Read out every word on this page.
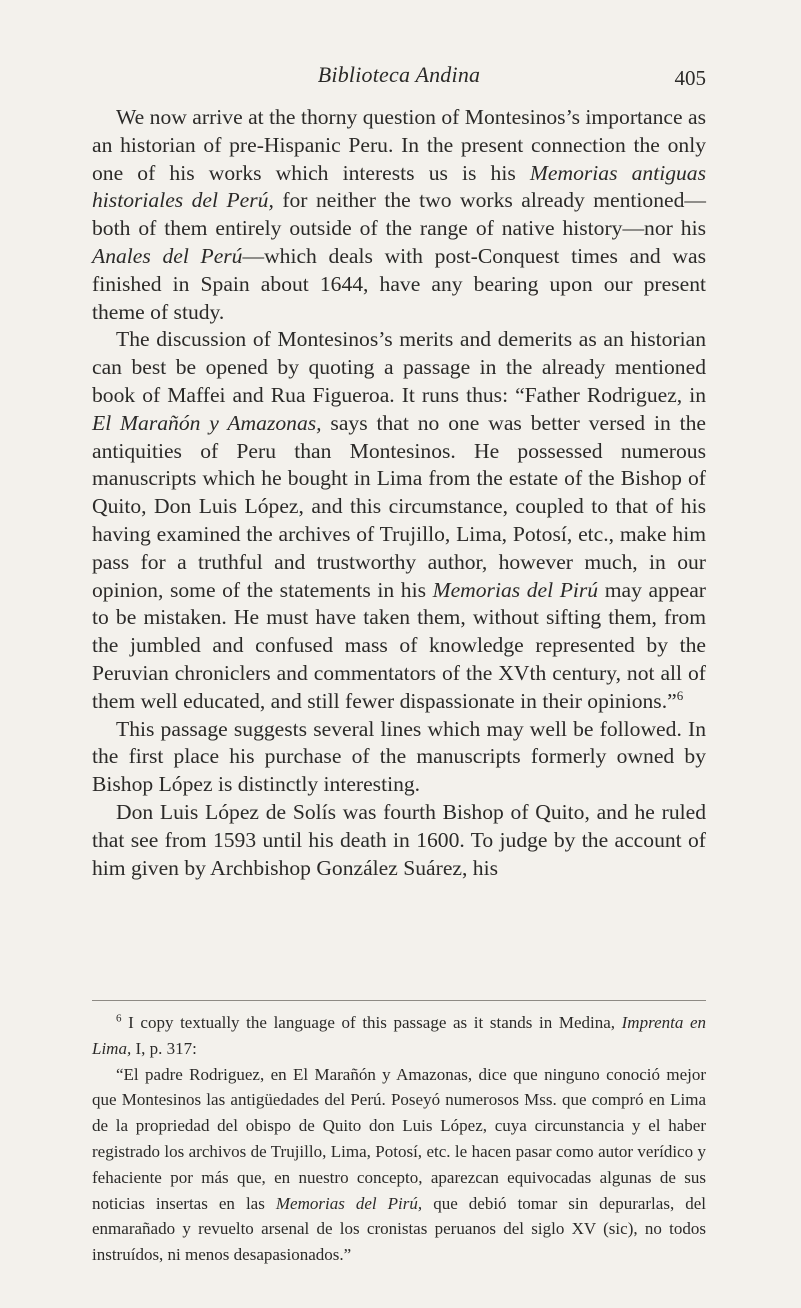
Biblioteca Andina	405

We now arrive at the thorny question of Montesinos’s importance as an historian of pre-Hispanic Peru. In the present connection the only one of his works which interests us is his Memorias antiguas historiales del Perú, for neither the two works already mentioned—both of them entirely outside of the range of native history—nor his Anales del Perú—which deals with post-Conquest times and was finished in Spain about 1644, have any bearing upon our present theme of study.

The discussion of Montesinos’s merits and demerits as an historian can best be opened by quoting a passage in the already mentioned book of Maffei and Rua Figueroa. It runs thus: “Father Rodriguez, in El Marañón y Amazonas, says that no one was better versed in the antiquities of Peru than Montesinos. He possessed numerous manuscripts which he bought in Lima from the estate of the Bishop of Quito, Don Luis López, and this circumstance, coupled to that of his having examined the archives of Trujillo, Lima, Potosí, etc., make him pass for a truthful and trustworthy author, however much, in our opinion, some of the statements in his Memorias del Pirú may appear to be mistaken. He must have taken them, without sifting them, from the jumbled and confused mass of knowledge represented by the Peruvian chroniclers and commentators of the XVth century, not all of them well educated, and still fewer dispassionate in their opinions.”$^6$

This passage suggests several lines which may well be followed. In the first place his purchase of the manuscripts formerly owned by Bishop López is distinctly interesting.

Don Luis López de Solís was fourth Bishop of Quito, and he ruled that see from 1593 until his death in 1600. To judge by the account of him given by Archbishop González Suárez, his

$^6$ I copy textually the language of this passage as it stands in Medina, Imprenta en Lima, I, p. 317:

“El padre Rodriguez, en El Marañón y Amazonas, dice que ninguno conoció mejor que Montesinos las antigüedades del Perú. Poseyó numerosos Mss. que compró en Lima de la propriedad del obispo de Quito don Luis López, cuya circunstancia y el haber registrado los archivos de Trujillo, Lima, Potosí, etc. le hacen pasar como autor verídico y fehaciente por más que, en nuestro concepto, aparezcan equivocadas algunas de sus noticias insertas en las Memorias del Pirú, que debió tomar sin depurarlas, del enmarañado y revuelto arsenal de los cronistas peruanos del siglo XV (sic), no todos instruídos, ni menos desapasionados.”
